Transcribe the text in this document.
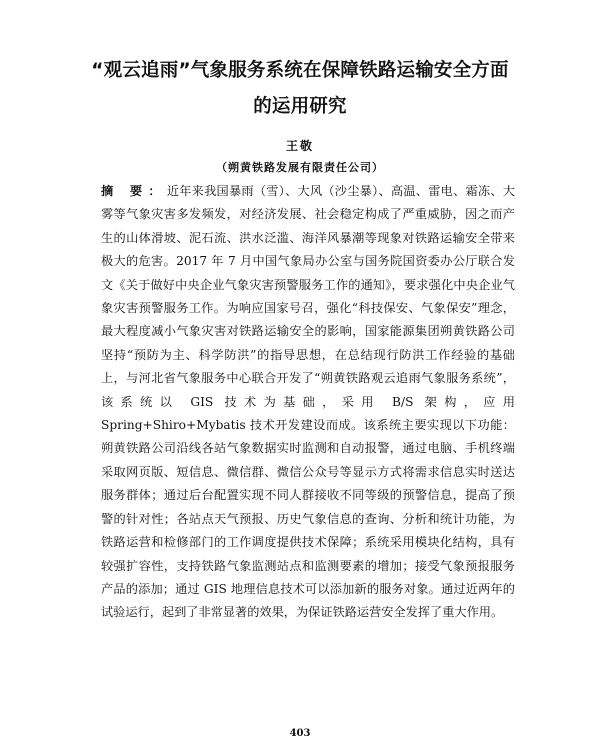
“观云追雨”气象服务系统在保障铁路运输安全方面
的运用研究
王敬
（朔黄铁路发展有限责任公司）

摘 要：近年来我国暴雨（雪）、大风（沙尘暴）、高温、雷电、霜冻、大雾等气象灾害多发频发，对经济发展、社会稳定构成了严重威胁，因之而产生的山体滑坡、泥石流、洪水泛滥、海洋风暴潮等现象对铁路运输安全带来极大的危害。2017 年 7 月中国气象局办公室与国务院国资委办公厅联合发文《关于做好中央企业气象灾害预警服务工作的通知》，要求强化中央企业气象灾害预警服务工作。为响应国家号召，强化“科技保安、气象保安”理念，最大程度减小气象灾害对铁路运输安全的影响，国家能源集团朔黄铁路公司坚持“预防为主、科学防洪”的指导思想，在总结现行防洪工作经验的基础上，与河北省气象服务中心联合开发了“朔黄铁路观云追雨气象服务系统”，该系统以 GIS 技术为基础，采用 B/S 架构，应用 Spring+Shiro+Mybatis 技术开发建设而成。该系统主要实现以下功能：朔黄铁路公司沿线各站气象数据实时监测和自动报警，通过电脑、手机终端采取网页版、短信息、微信群、微信公众号等显示方式将需求信息实时送达服务群体；通过后台配置实现不同人群接收不同等级的预警信息，提高了预警的针对性；各站点天气预报、历史气象信息的查询、分析和统计功能，为铁路运营和检修部门的工作调度提供技术保障；系统采用模块化结构，具有较强扩容性，支持铁路气象监测站点和监测要素的增加；接受气象预报服务产品的添加；通过 GIS 地理信息技术可以添加新的服务对象。通过近两年的试验运行，起到了非常显著的效果，为保证铁路运营安全发挥了重大作用。

403
